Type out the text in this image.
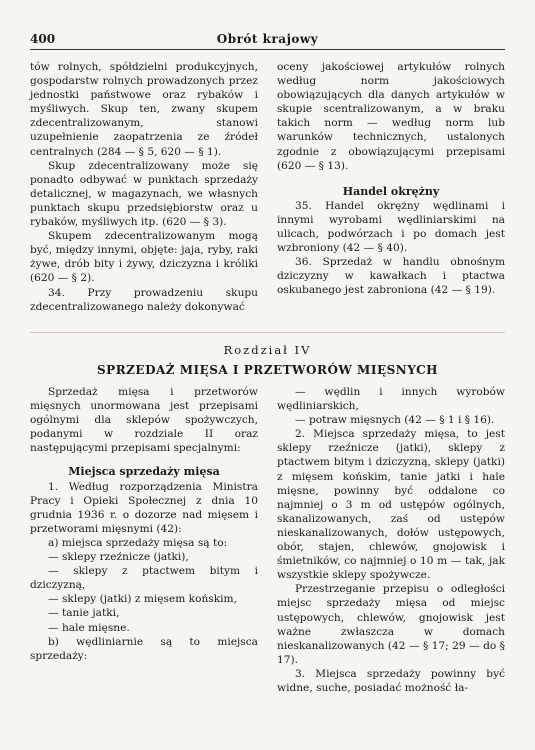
400	Obrót krajowy

tów rolnych, spółdzielni produkcyjnych, gospodarstw rolnych prowadzonych przez jednostki państwowe oraz rybaków i myśliwych. Skup ten, zwany skupem zdecentralizowanym, stanowi uzupełnienie zaopatrzenia ze źródeł centralnych (284 — § 5, 620 — § 1).

Skup zdecentralizowany może się ponadto odbywać w punktach sprzedaży detalicznej, w magazynach, we własnych punktach skupu przedsiębiorstw oraz u rybaków, myśliwych itp. (620 — § 3).

Skupem zdecentralizowanym mogą być, między innymi, objęte: jaja, ryby, raki żywe, drób bity i żywy, dziczyzna i króliki (620 — § 2).

34. Przy prowadzeniu skupu zdecentralizowanego należy dokonywać

oceny jakościowej artykułów rolnych według norm jakościowych obowiązujących dla danych artykułów w skupie scentralizowanym, a w braku takich norm — według norm lub warunków technicznych, ustalonych zgodnie z obowiązującymi przepisami (620 — § 13).

Handel okrężny

35. Handel okrężny wędlinami i innymi wyrobami wędliniarskimi na ulicach, podwórzach i po domach jest wzbroniony (42 — § 40).

36. Sprzedaż w handlu obnośnym dziczyzny w kawałkach i ptactwa oskubanego jest zabroniona (42 — § 19).

Rozdział IV
SPRZEDAŻ MIĘSA I PRZETWORÓW MIĘSNYCH

Sprzedaż mięsa i przetworów mięsnych unormowana jest przepisami ogólnymi dla sklepów spożywczych, podanymi w rozdziale II oraz następującymi przepisami specjalnymi:

Miejsca sprzedaży mięsa

1. Według rozporządzenia Ministra Pracy i Opieki Społecznej z dnia 10 grudnia 1936 r. o dozorze nad mięsem i przetworami mięsnymi (42):

a) miejsca sprzedaży mięsa są to:

— sklepy rzeźnicze (jatki),

— sklepy z ptactwem bitym i dziczyzną,

— sklepy (jatki) z mięsem końskim,

— tanie jatki,

— hale mięsne.

b) wędliniarnie są to miejsca sprzedaży:

— wędlin i innych wyrobów wędliniarskich,

— potraw mięsnych (42 — § 1 i § 16).

2. Miejsca sprzedaży mięsa, to jest sklepy rzeźnicze (jatki), sklepy z ptactwem bitym i dziczyzną, sklepy (jatki) z mięsem końskim, tanie jatki i hale mięsne, powinny być oddalone co najmniej o 3 m od ustępów ogólnych, skanalizowanych, zaś od ustępów nieskanalizowanych, dołów ustępowych, obór, stajen, chlewów, gnojowisk i śmietników, co najmniej o 10 m — tak, jak wszystkie sklepy spożywcze.

Przestrzeganie przepisu o odległości miejsc sprzedaży mięsa od miejsc ustępowych, chlewów, gnojowisk jest ważne zwłaszcza w domach nieskanalizowanych (42 — § 17; 29 — do § 17).

3. Miejsca sprzedaży powinny być widne, suche, posiadać możność ła-
